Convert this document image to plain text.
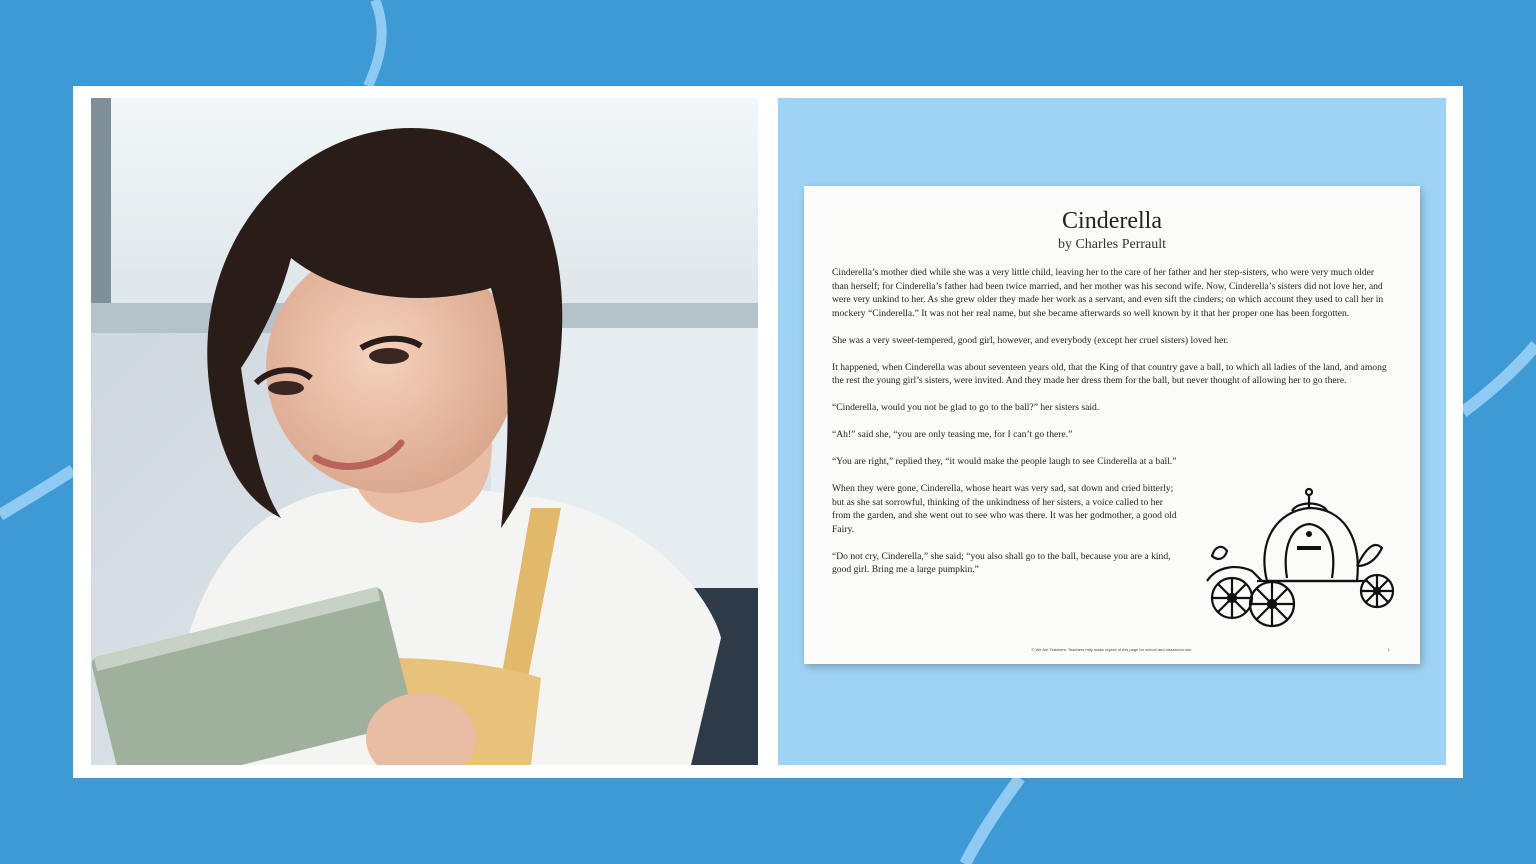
Cinderella
by Charles Perrault

Cinderella’s mother died while she was a very little child, leaving her to the care of her father and her step-sisters, who were very much older than herself; for Cinderella’s father had been twice married, and her mother was his second wife. Now, Cinderella’s sisters did not love her, and were very unkind to her. As she grew older they made her work as a servant, and even sift the cinders; on which account they used to call her in mockery “Cinderella.” It was not her real name, but she became afterwards so well known by it that her proper one has been forgotten.

She was a very sweet-tempered, good girl, however, and everybody (except her cruel sisters) loved her.

It happened, when Cinderella was about seventeen years old, that the King of that country gave a ball, to which all ladies of the land, and among the rest the young girl’s sisters, were invited. And they made her dress them for the ball, but never thought of allowing her to go there.

“Cinderella, would you not be glad to go to the ball?” her sisters said.

“Ah!” said she, “you are only teasing me, for I can’t go there.”

“You are right,” replied they, “it would make the people laugh to see Cinderella at a ball.”

When they were gone, Cinderella, whose heart was very sad, sat down and cried bitterly; but as she sat sorrowful, thinking of the unkindness of her sisters, a voice called to her from the garden, and she went out to see who was there. It was her godmother, a good old Fairy.

“Do not cry, Cinderella,” she said; “you also shall go to the ball, because you are a kind, good girl. Bring me a large pumpkin.”

© We Are Teachers. Teachers may make copies of this page for school and classroom use.	1
